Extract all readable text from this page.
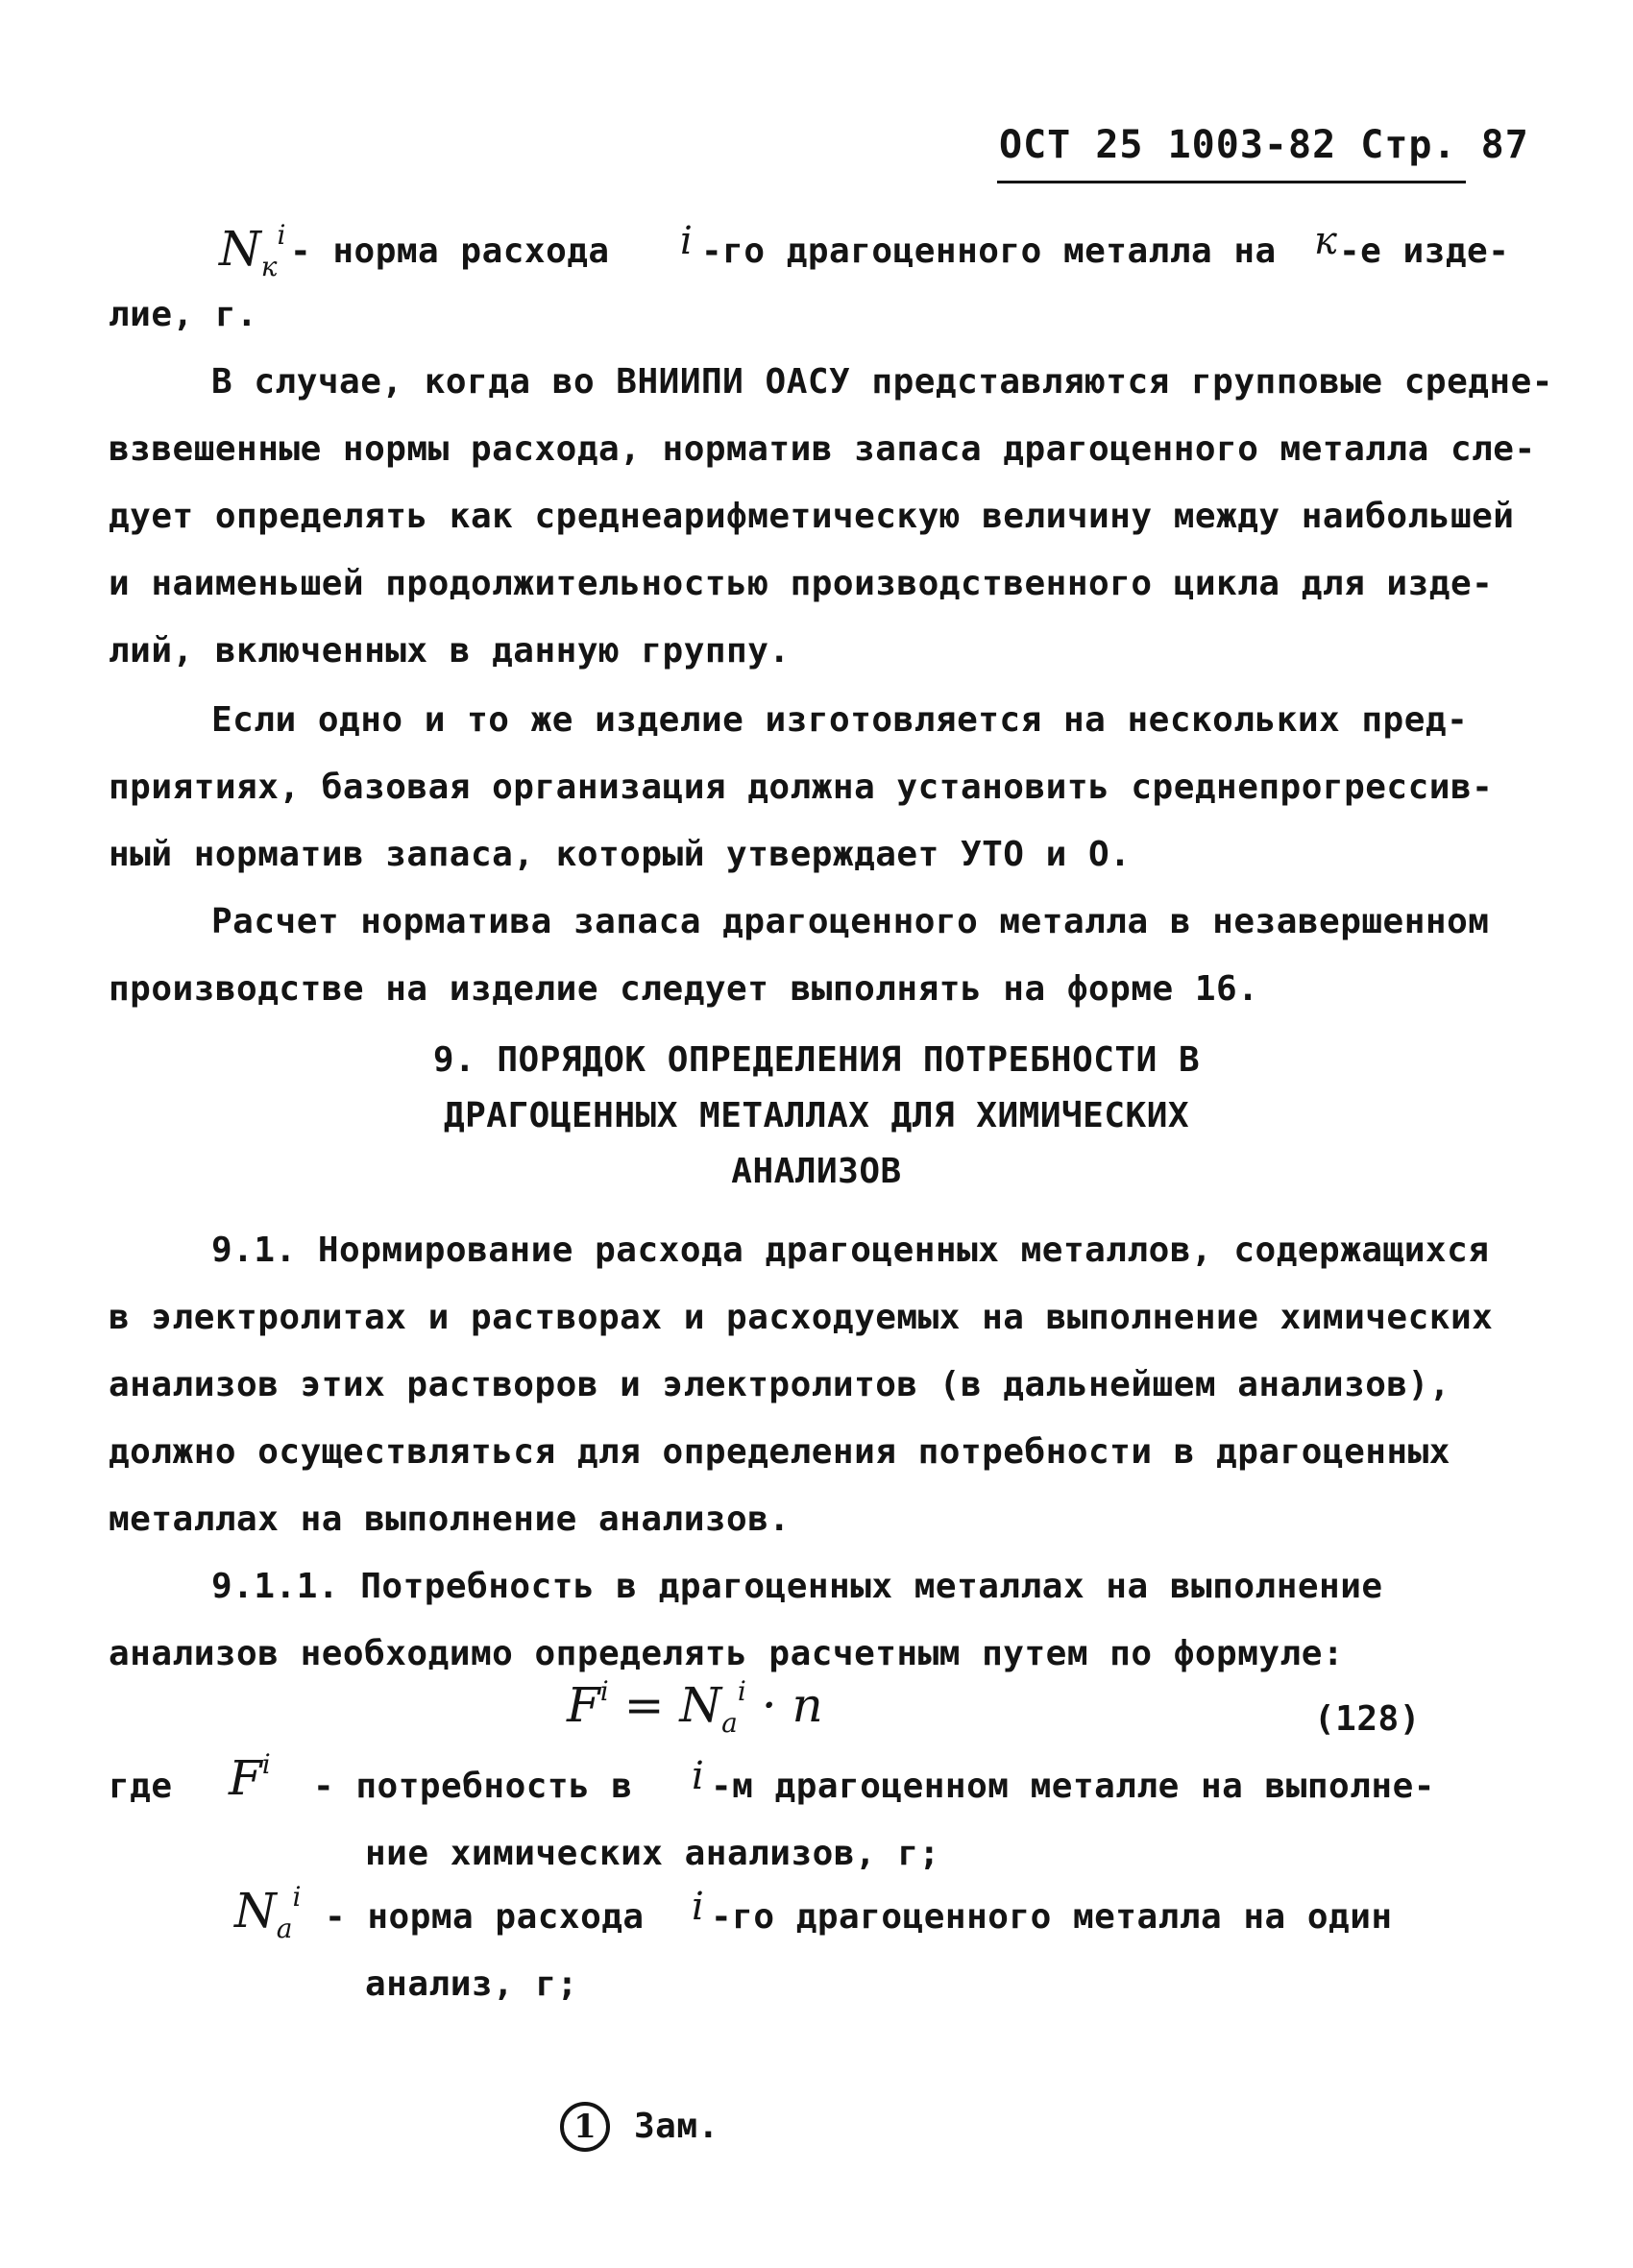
ОСТ 25 1003-82 Стр. 87
$N_к^i$ - норма расхода i -го драгоценного металла на к -е изде-
лие, г.
В случае, когда во ВНИИПИ ОАСУ представляются групповые средне-
взвешенные нормы расхода, норматив запаса драгоценного металла сле-
дует определять как среднеарифметическую величину между наибольшей
и наименьшей продолжительностью производственного цикла для изде-
лий, включенных в данную группу.
Если одно и то же изделие изготовляется на нескольких пред-
приятиях, базовая организация должна установить среднепрогрессив-
ный норматив запаса, который утверждает УТО и О.
Расчет норматива запаса драгоценного металла в незавершенном
производстве на изделие следует выполнять на форме 16.
9. ПОРЯДОК ОПРЕДЕЛЕНИЯ ПОТРЕБНОСТИ В
ДРАГОЦЕННЫХ МЕТАЛЛАХ ДЛЯ ХИМИЧЕСКИХ
АНАЛИЗОВ
9.1. Нормирование расхода драгоценных металлов, содержащихся
в электролитах и растворах и расходуемых на выполнение химических
анализов этих растворов и электролитов (в дальнейшем анализов),
должно осуществляться для определения потребности в драгоценных
металлах на выполнение анализов.
9.1.1. Потребность в драгоценных металлах на выполнение
анализов необходимо определять расчетным путем по формуле:
$F^i = N_a^i \cdot n$	(128)
где $F^i$
- потребность в i -м драгоценном металле на выполне-
ние химических анализов, г;
$N_а^i$
- норма расхода i -го драгоценного металла на один
анализ, г;
1	Зам.
